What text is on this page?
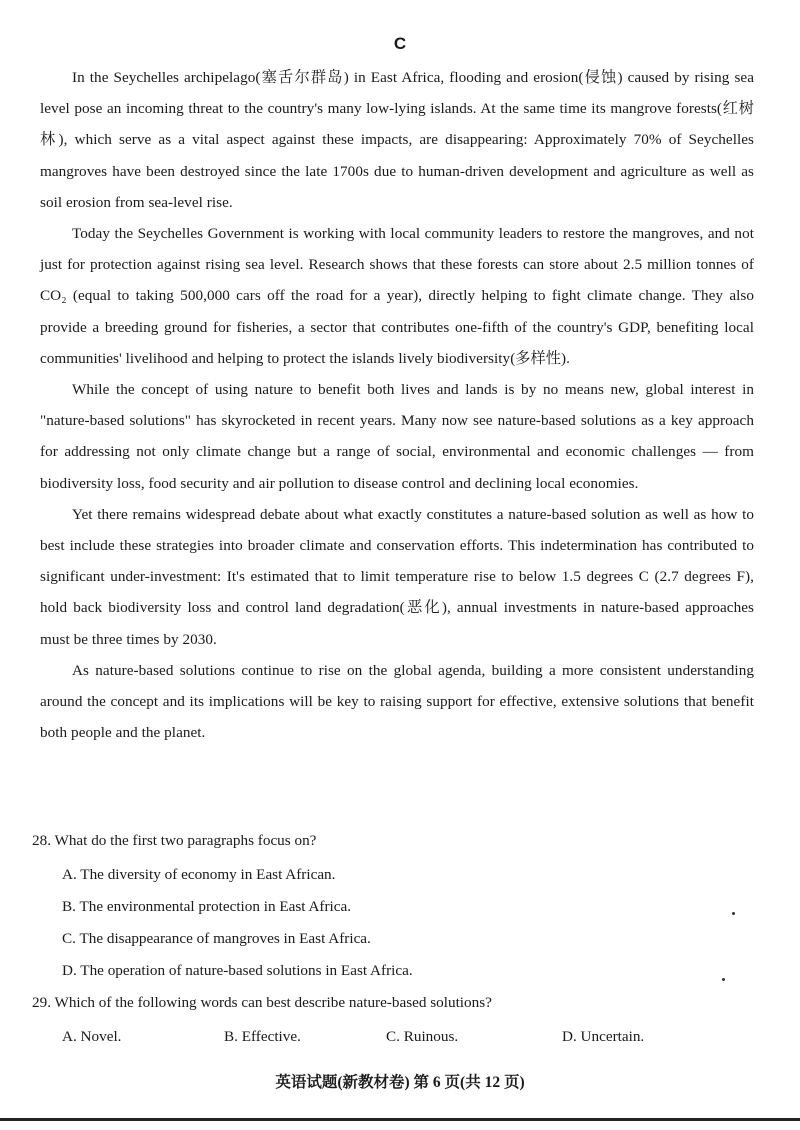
C

In the Seychelles archipelago(塞舌尔群岛) in East Africa, flooding and erosion(侵蚀) caused by rising sea level pose an incoming threat to the country's many low-lying islands. At the same time its mangrove forests(红树林), which serve as a vital aspect against these impacts, are disappearing: Approximately 70% of Seychelles mangroves have been destroyed since the late 1700s due to human-driven development and agriculture as well as soil erosion from sea-level rise.

Today the Seychelles Government is working with local community leaders to restore the mangroves, and not just for protection against rising sea level. Research shows that these forests can store about 2.5 million tonnes of CO₂ (equal to taking 500,000 cars off the road for a year), directly helping to fight climate change. They also provide a breeding ground for fisheries, a sector that contributes one-fifth of the country's GDP, benefiting local communities' livelihood and helping to protect the islands lively biodiversity(多样性).

While the concept of using nature to benefit both lives and lands is by no means new, global interest in "nature-based solutions" has skyrocketed in recent years. Many now see nature-based solutions as a key approach for addressing not only climate change but a range of social, environmental and economic challenges — from biodiversity loss, food security and air pollution to disease control and declining local economies.

Yet there remains widespread debate about what exactly constitutes a nature-based solution as well as how to best include these strategies into broader climate and conservation efforts. This indetermination has contributed to significant under-investment: It's estimated that to limit temperature rise to below 1.5 degrees C (2.7 degrees F), hold back biodiversity loss and control land degradation(恶化), annual investments in nature-based approaches must be three times by 2030.

As nature-based solutions continue to rise on the global agenda, building a more consistent understanding around the concept and its implications will be key to raising support for effective, extensive solutions that benefit both people and the planet.

28. What do the first two paragraphs focus on?

A. The diversity of economy in East African.

B. The environmental protection in East Africa.

C. The disappearance of mangroves in East Africa.

D. The operation of nature-based solutions in East Africa.

29. Which of the following words can best describe nature-based solutions?

A. Novel.	B. Effective.	C. Ruinous.	D. Uncertain.
英语试题(新教材卷) 第 6 页(共 12 页)
